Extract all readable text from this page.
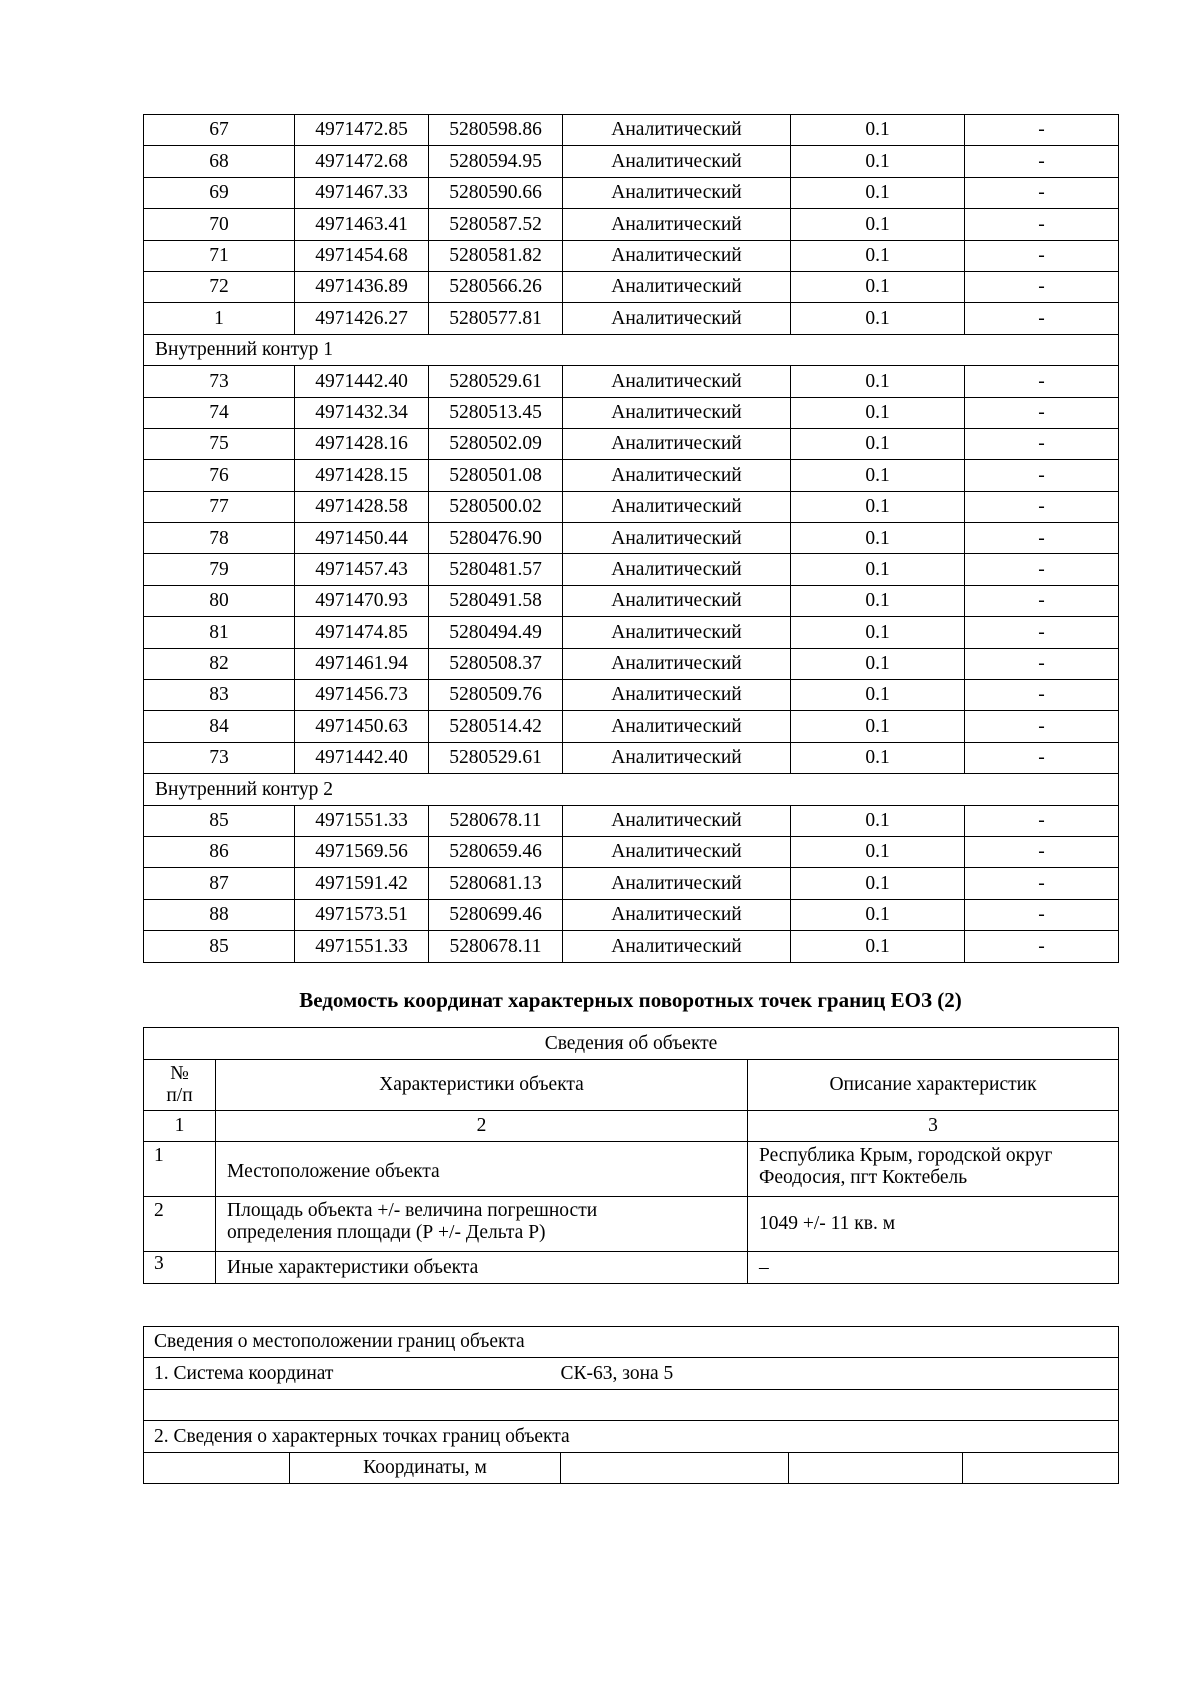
67	4971472.85	5280598.86	Аналитический	0.1	-
68	4971472.68	5280594.95	Аналитический	0.1	-
69	4971467.33	5280590.66	Аналитический	0.1	-
70	4971463.41	5280587.52	Аналитический	0.1	-
71	4971454.68	5280581.82	Аналитический	0.1	-
72	4971436.89	5280566.26	Аналитический	0.1	-
1	4971426.27	5280577.81	Аналитический	0.1	-
Внутренний контур 1					
73	4971442.40	5280529.61	Аналитический	0.1	-
74	4971432.34	5280513.45	Аналитический	0.1	-
75	4971428.16	5280502.09	Аналитический	0.1	-
76	4971428.15	5280501.08	Аналитический	0.1	-
77	4971428.58	5280500.02	Аналитический	0.1	-
78	4971450.44	5280476.90	Аналитический	0.1	-
79	4971457.43	5280481.57	Аналитический	0.1	-
80	4971470.93	5280491.58	Аналитический	0.1	-
81	4971474.85	5280494.49	Аналитический	0.1	-
82	4971461.94	5280508.37	Аналитический	0.1	-
83	4971456.73	5280509.76	Аналитический	0.1	-
84	4971450.63	5280514.42	Аналитический	0.1	-
73	4971442.40	5280529.61	Аналитический	0.1	-
Внутренний контур 2					
85	4971551.33	5280678.11	Аналитический	0.1	-
86	4971569.56	5280659.46	Аналитический	0.1	-
87	4971591.42	5280681.13	Аналитический	0.1	-
88	4971573.51	5280699.46	Аналитический	0.1	-
85	4971551.33	5280678.11	Аналитический	0.1	-
Ведомость координат характерных поворотных точек границ ЕОЗ (2)
Сведения об объекте		

№
п/п	Характеристики объекта	Описание характеристик
1	2	3
1	Местоположение объекта	Республика Крым, городской округ
Феодосия, пгт Коктебель

2	Площадь объекта +/- величина погрешности
определения площади (Р +/- Дельта Р)	1049 +/- 11 кв. м
3	Иные характеристики объекта	–
Сведения о местоположении границ объекта				
1. Система координат		СК-63, зона 5		

2. Сведения о характерных точках границ объекта				
	Координаты, м			
